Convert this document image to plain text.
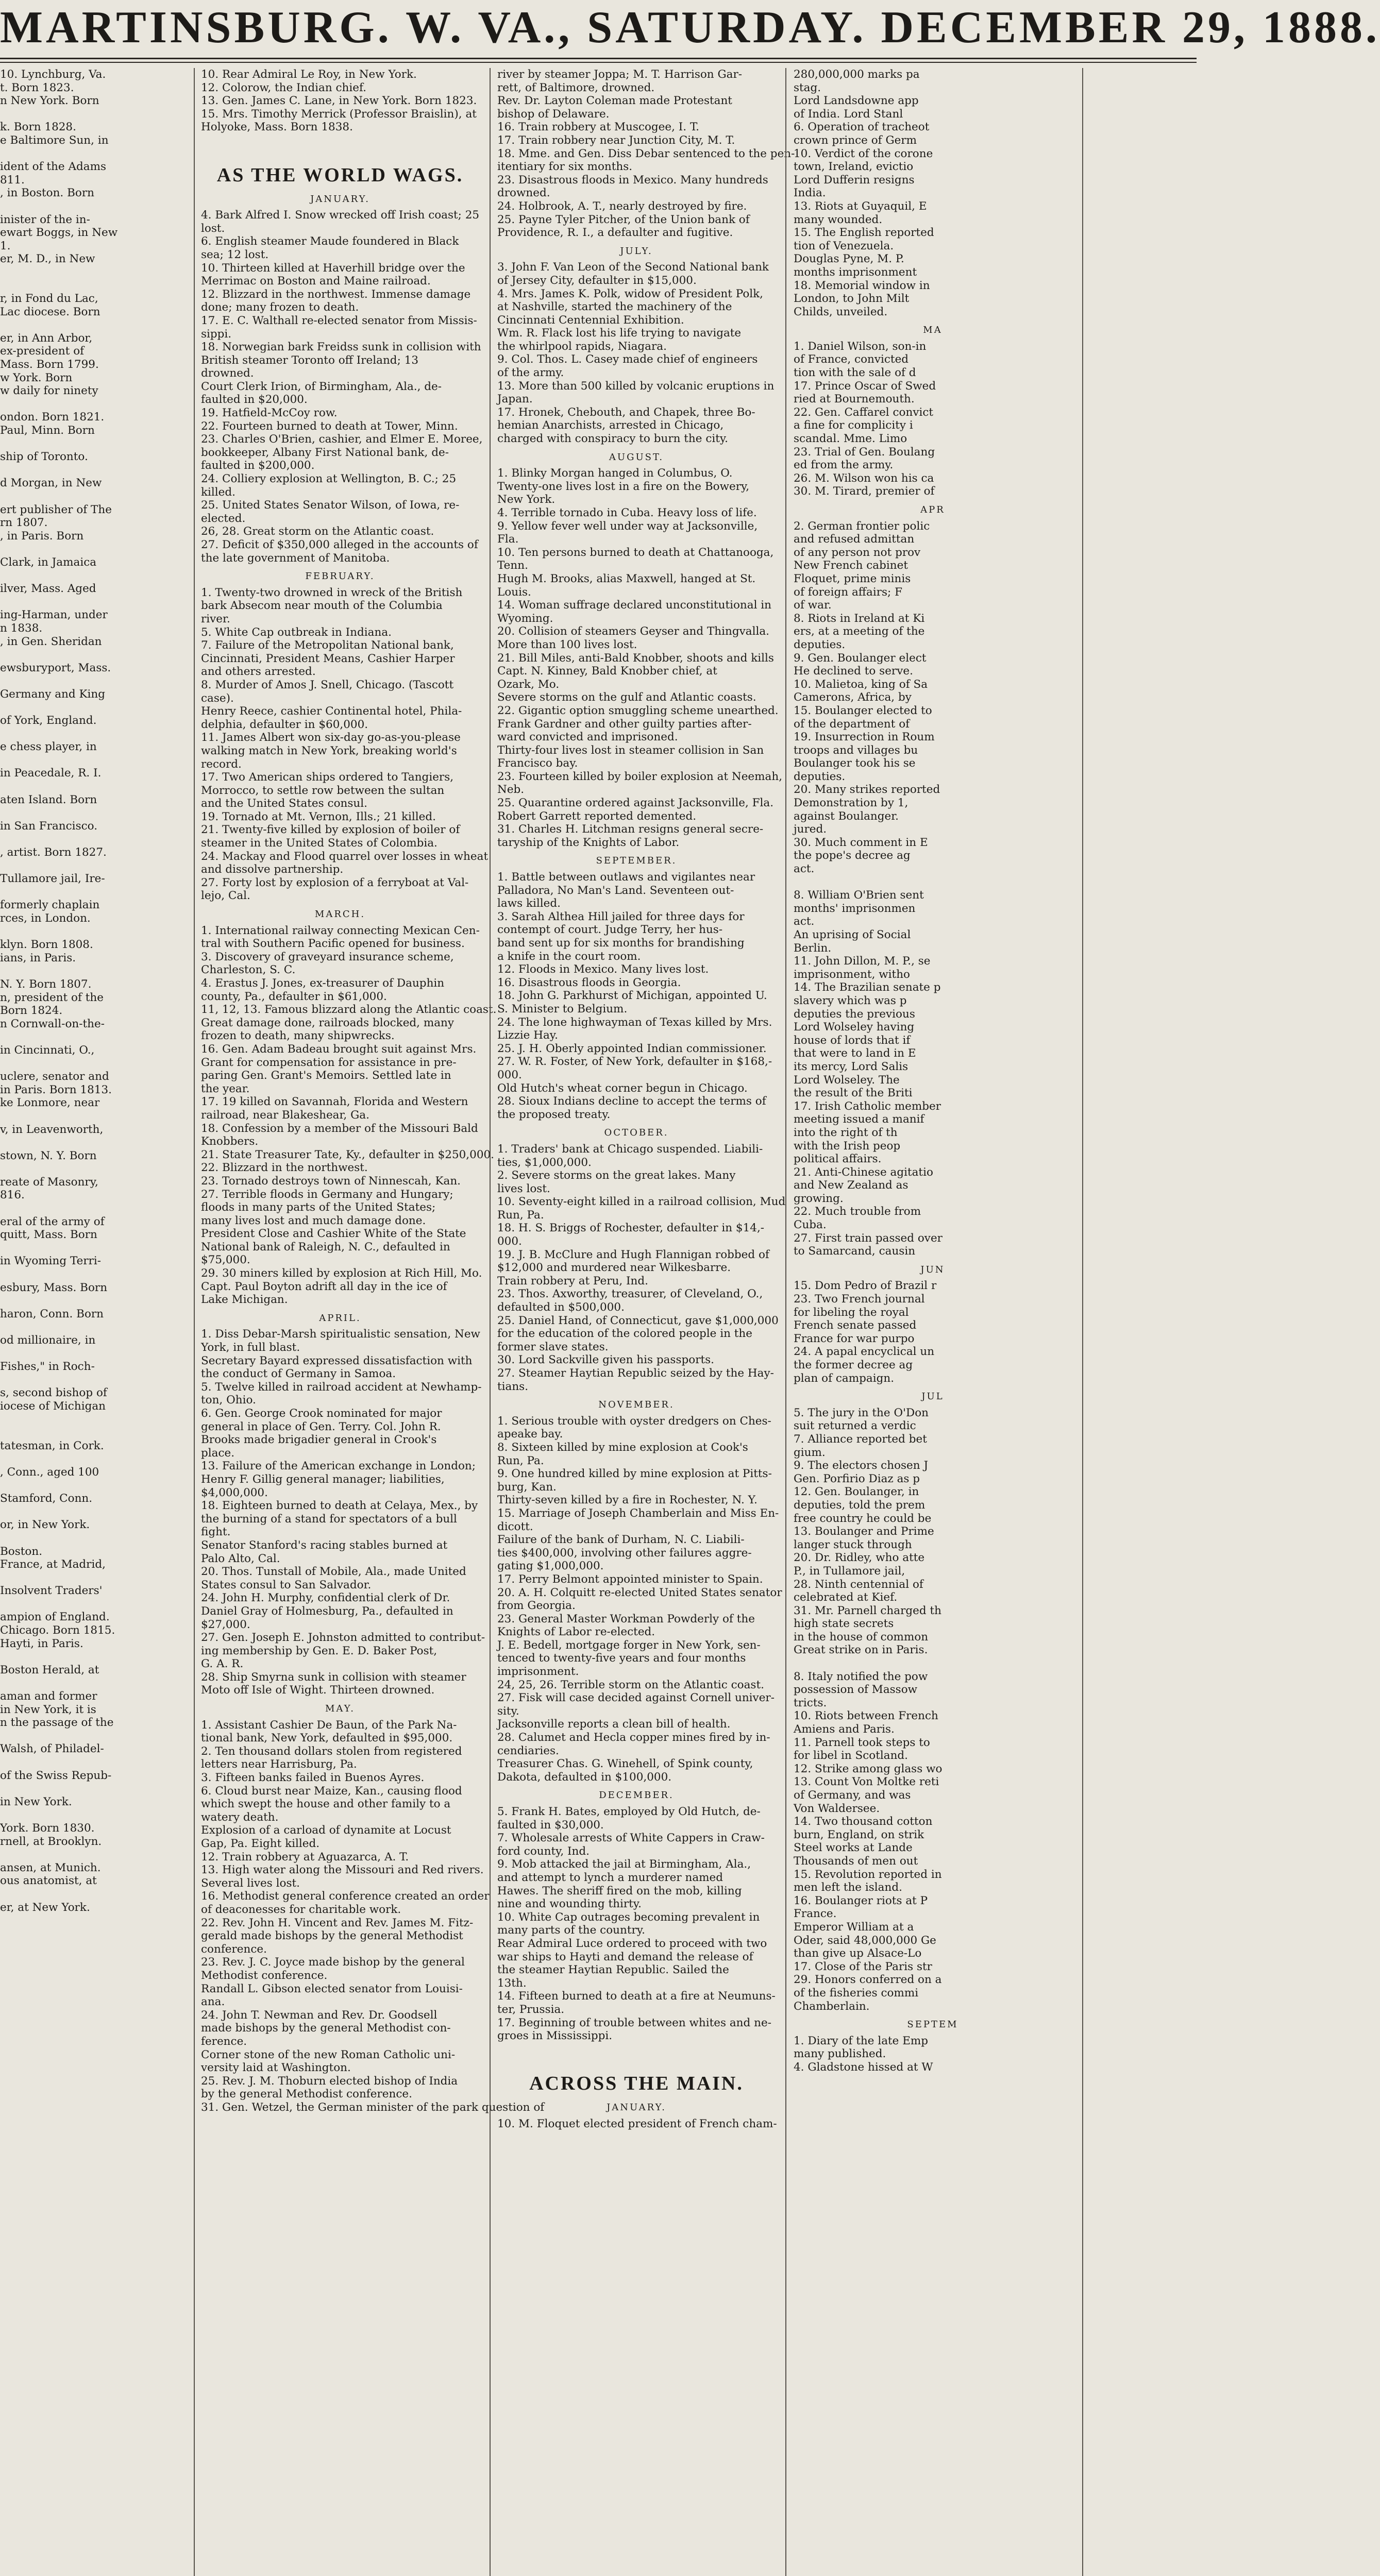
MARTINSBURG. W. VA., SATURDAY. DECEMBER 29, 1888.
10. Lynchburg, Va.
t. Born 1823.
n New York. Born

k. Born 1828.
e Baltimore Sun, in

ident of the Adams
811.
, in Boston. Born

inister of the in-
ewart Boggs, in New
1.
er, M. D., in New

r, in Fond du Lac,
Lac diocese. Born

er, in Ann Arbor,
ex-president of
Mass. Born 1799.
w York. Born
w daily for ninety

ondon. Born 1821.
Paul, Minn. Born

ship of Toronto.

d Morgan, in New

ert publisher of The
rn 1807.
, in Paris. Born

Clark, in Jamaica

ilver, Mass. Aged

ing-Harman, under
n 1838.
, in Gen. Sheridan

ewsburyport, Mass.

Germany and King

of York, England.

e chess player, in

in Peacedale, R. I.

aten Island. Born

in San Francisco.

, artist. Born 1827.

Tullamore jail, Ire-

formerly chaplain
rces, in London.

klyn. Born 1808.
ians, in Paris.

N. Y. Born 1807.
n, president of the
Born 1824.
n Cornwall-on-the-

in Cincinnati, O.,

uclere, senator and
in Paris. Born 1813.
ke Lonmore, near

v, in Leavenworth,

stown, N. Y. Born

reate of Masonry,
816.

eral of the army of
quitt, Mass. Born

in Wyoming Terri-

esbury, Mass. Born

haron, Conn. Born

od millionaire, in

Fishes," in Roch-

s, second bishop of
iocese of Michigan

tatesman, in Cork.

, Conn., aged 100

Stamford, Conn.

or, in New York.

Boston.
France, at Madrid,

Insolvent Traders'

ampion of England.
Chicago. Born 1815.
Hayti, in Paris.

Boston Herald, at

aman and former
in New York, it is
n the passage of the

Walsh, of Philadel-

of the Swiss Repub-

in New York.

York. Born 1830.
rnell, at Brooklyn.

ansen, at Munich.
ous anatomist, at

er, at New York.
10. Rear Admiral Le Roy, in New York.
12. Colorow, the Indian chief.
13. Gen. James C. Lane, in New York. Born 1823.
15. Mrs. Timothy Merrick (Professor Braislin), at
Holyoke, Mass. Born 1838.

AS THE WORLD WAGS.
JANUARY.
4. Bark Alfred I. Snow wrecked off Irish coast; 25
lost.
6. English steamer Maude foundered in Black
sea; 12 lost.
10. Thirteen killed at Haverhill bridge over the
Merrimac on Boston and Maine railroad.
12. Blizzard in the northwest. Immense damage
done; many frozen to death.
17. E. C. Walthall re-elected senator from Missis-
sippi.
18. Norwegian bark Freidss sunk in collision with
British steamer Toronto off Ireland; 13
drowned.
Court Clerk Irion, of Birmingham, Ala., de-
faulted in $20,000.
19. Hatfield-McCoy row.
22. Fourteen burned to death at Tower, Minn.
23. Charles O'Brien, cashier, and Elmer E. Moree,
bookkeeper, Albany First National bank, de-
faulted in $200,000.
24. Colliery explosion at Wellington, B. C.; 25
killed.
25. United States Senator Wilson, of Iowa, re-
elected.
26, 28. Great storm on the Atlantic coast.
27. Deficit of $350,000 alleged in the accounts of
the late government of Manitoba.
FEBRUARY.
1. Twenty-two drowned in wreck of the British
bark Absecom near mouth of the Columbia
river.
5. White Cap outbreak in Indiana.
7. Failure of the Metropolitan National bank,
Cincinnati, President Means, Cashier Harper
and others arrested.
8. Murder of Amos J. Snell, Chicago. (Tascott
case).
Henry Reece, cashier Continental hotel, Phila-
delphia, defaulter in $60,000.
11. James Albert won six-day go-as-you-please
walking match in New York, breaking world's
record.
17. Two American ships ordered to Tangiers,
Morrocco, to settle row between the sultan
and the United States consul.
19. Tornado at Mt. Vernon, Ills.; 21 killed.
21. Twenty-five killed by explosion of boiler of
steamer in the United States of Colombia.
24. Mackay and Flood quarrel over losses in wheat
and dissolve partnership.
27. Forty lost by explosion of a ferryboat at Val-
lejo, Cal.
MARCH.
1. International railway connecting Mexican Cen-
tral with Southern Pacific opened for business.
3. Discovery of graveyard insurance scheme,
Charleston, S. C.
4. Erastus J. Jones, ex-treasurer of Dauphin
county, Pa., defaulter in $61,000.
11, 12, 13. Famous blizzard along the Atlantic coast.
Great damage done, railroads blocked, many
frozen to death, many shipwrecks.
16. Gen. Adam Badeau brought suit against Mrs.
Grant for compensation for assistance in pre-
paring Gen. Grant's Memoirs. Settled late in
the year.
17. 19 killed on Savannah, Florida and Western
railroad, near Blakeshear, Ga.
18. Confession by a member of the Missouri Bald
Knobbers.
21. State Treasurer Tate, Ky., defaulter in $250,000.
22. Blizzard in the northwest.
23. Tornado destroys town of Ninnescah, Kan.
27. Terrible floods in Germany and Hungary;
floods in many parts of the United States;
many lives lost and much damage done.
President Close and Cashier White of the State
National bank of Raleigh, N. C., defaulted in
$75,000.
29. 30 miners killed by explosion at Rich Hill, Mo.
Capt. Paul Boyton adrift all day in the ice of
Lake Michigan.
APRIL.
1. Diss Debar-Marsh spiritualistic sensation, New
York, in full blast.
Secretary Bayard expressed dissatisfaction with
the conduct of Germany in Samoa.
5. Twelve killed in railroad accident at Newhamp-
ton, Ohio.
6. Gen. George Crook nominated for major
general in place of Gen. Terry. Col. John R.
Brooks made brigadier general in Crook's
place.
13. Failure of the American exchange in London;
Henry F. Gillig general manager; liabilities,
$4,000,000.
18. Eighteen burned to death at Celaya, Mex., by
the burning of a stand for spectators of a bull
fight.
Senator Stanford's racing stables burned at
Palo Alto, Cal.
20. Thos. Tunstall of Mobile, Ala., made United
States consul to San Salvador.
24. John H. Murphy, confidential clerk of Dr.
Daniel Gray of Holmesburg, Pa., defaulted in
$27,000.
27. Gen. Joseph E. Johnston admitted to contribut-
ing membership by Gen. E. D. Baker Post,
G. A. R.
28. Ship Smyrna sunk in collision with steamer
Moto off Isle of Wight. Thirteen drowned.
MAY.
1. Assistant Cashier De Baun, of the Park Na-
tional bank, New York, defaulted in $95,000.
2. Ten thousand dollars stolen from registered
letters near Harrisburg, Pa.
3. Fifteen banks failed in Buenos Ayres.
6. Cloud burst near Maize, Kan., causing flood
which swept the house and other family to a
watery death.
Explosion of a carload of dynamite at Locust
Gap, Pa. Eight killed.
12. Train robbery at Aguazarca, A. T.
13. High water along the Missouri and Red rivers.
Several lives lost.
16. Methodist general conference created an order
of deaconesses for charitable work.
22. Rev. John H. Vincent and Rev. James M. Fitz-
gerald made bishops by the general Methodist
conference.
23. Rev. J. C. Joyce made bishop by the general
Methodist conference.
Randall L. Gibson elected senator from Louisi-
ana.
24. John T. Newman and Rev. Dr. Goodsell
made bishops by the general Methodist con-
ference.
Corner stone of the new Roman Catholic uni-
versity laid at Washington.
25. Rev. J. M. Thoburn elected bishop of India
by the general Methodist conference.
31. Gen. Wetzel, the German minister of the park question of
river by steamer Joppa; M. T. Harrison Gar-
rett, of Baltimore, drowned.
Rev. Dr. Layton Coleman made Protestant
bishop of Delaware.
16. Train robbery at Muscogee, I. T.
17. Train robbery near Junction City, M. T.
18. Mme. and Gen. Diss Debar sentenced to the pen-
itentiary for six months.
23. Disastrous floods in Mexico. Many hundreds
drowned.
24. Holbrook, A. T., nearly destroyed by fire.
25. Payne Tyler Pitcher, of the Union bank of
Providence, R. I., a defaulter and fugitive.
JULY.
3. John F. Van Leon of the Second National bank
of Jersey City, defaulter in $15,000.
4. Mrs. James K. Polk, widow of President Polk,
at Nashville, started the machinery of the
Cincinnati Centennial Exhibition.
Wm. R. Flack lost his life trying to navigate
the whirlpool rapids, Niagara.
9. Col. Thos. L. Casey made chief of engineers
of the army.
13. More than 500 killed by volcanic eruptions in
Japan.
17. Hronek, Chebouth, and Chapek, three Bo-
hemian Anarchists, arrested in Chicago,
charged with conspiracy to burn the city.
AUGUST.
1. Blinky Morgan hanged in Columbus, O.
Twenty-one lives lost in a fire on the Bowery,
New York.
4. Terrible tornado in Cuba. Heavy loss of life.
9. Yellow fever well under way at Jacksonville,
Fla.
10. Ten persons burned to death at Chattanooga,
Tenn.
Hugh M. Brooks, alias Maxwell, hanged at St.
Louis.
14. Woman suffrage declared unconstitutional in
Wyoming.
20. Collision of steamers Geyser and Thingvalla.
More than 100 lives lost.
21. Bill Miles, anti-Bald Knobber, shoots and kills
Capt. N. Kinney, Bald Knobber chief, at
Ozark, Mo.
Severe storms on the gulf and Atlantic coasts.
22. Gigantic option smuggling scheme unearthed.
Frank Gardner and other guilty parties after-
ward convicted and imprisoned.
Thirty-four lives lost in steamer collision in San
Francisco bay.
23. Fourteen killed by boiler explosion at Neemah,
Neb.
25. Quarantine ordered against Jacksonville, Fla.
Robert Garrett reported demented.
31. Charles H. Litchman resigns general secre-
taryship of the Knights of Labor.
SEPTEMBER.
1. Battle between outlaws and vigilantes near
Palladora, No Man's Land. Seventeen out-
laws killed.
3. Sarah Althea Hill jailed for three days for
contempt of court. Judge Terry, her hus-
band sent up for six months for brandishing
a knife in the court room.
12. Floods in Mexico. Many lives lost.
16. Disastrous floods in Georgia.
18. John G. Parkhurst of Michigan, appointed U.
S. Minister to Belgium.
24. The lone highwayman of Texas killed by Mrs.
Lizzie Hay.
25. J. H. Oberly appointed Indian commissioner.
27. W. R. Foster, of New York, defaulter in $168,-
000.
Old Hutch's wheat corner begun in Chicago.
28. Sioux Indians decline to accept the terms of
the proposed treaty.
OCTOBER.
1. Traders' bank at Chicago suspended. Liabili-
ties, $1,000,000.
2. Severe storms on the great lakes. Many
lives lost.
10. Seventy-eight killed in a railroad collision, Mud
Run, Pa.
18. H. S. Briggs of Rochester, defaulter in $14,-
000.
19. J. B. McClure and Hugh Flannigan robbed of
$12,000 and murdered near Wilkesbarre.
Train robbery at Peru, Ind.
23. Thos. Axworthy, treasurer, of Cleveland, O.,
defaulted in $500,000.
25. Daniel Hand, of Connecticut, gave $1,000,000
for the education of the colored people in the
former slave states.
30. Lord Sackville given his passports.
27. Steamer Haytian Republic seized by the Hay-
tians.
NOVEMBER.
1. Serious trouble with oyster dredgers on Ches-
apeake bay.
8. Sixteen killed by mine explosion at Cook's
Run, Pa.
9. One hundred killed by mine explosion at Pitts-
burg, Kan.
Thirty-seven killed by a fire in Rochester, N. Y.
15. Marriage of Joseph Chamberlain and Miss En-
dicott.
Failure of the bank of Durham, N. C. Liabili-
ties $400,000, involving other failures aggre-
gating $1,000,000.
17. Perry Belmont appointed minister to Spain.
20. A. H. Colquitt re-elected United States senator
from Georgia.
23. General Master Workman Powderly of the
Knights of Labor re-elected.
J. E. Bedell, mortgage forger in New York, sen-
tenced to twenty-five years and four months
imprisonment.
24, 25, 26. Terrible storm on the Atlantic coast.
27. Fisk will case decided against Cornell univer-
sity.
Jacksonville reports a clean bill of health.
28. Calumet and Hecla copper mines fired by in-
cendiaries.
Treasurer Chas. G. Winehell, of Spink county,
Dakota, defaulted in $100,000.
DECEMBER.
5. Frank H. Bates, employed by Old Hutch, de-
faulted in $30,000.
7. Wholesale arrests of White Cappers in Craw-
ford county, Ind.
9. Mob attacked the jail at Birmingham, Ala.,
and attempt to lynch a murderer named
Hawes. The sheriff fired on the mob, killing
nine and wounding thirty.
10. White Cap outrages becoming prevalent in
many parts of the country.
Rear Admiral Luce ordered to proceed with two
war ships to Hayti and demand the release of
the steamer Haytian Republic. Sailed the
13th.
14. Fifteen burned to death at a fire at Neumuns-
ter, Prussia.
17. Beginning of trouble between whites and ne-
groes in Mississippi.

ACROSS THE MAIN.
JANUARY.
10. M. Floquet elected president of French cham-
280,000,000 marks pa
stag.
Lord Landsdowne app
of India. Lord Stanl
6. Operation of tracheot
crown prince of Germ
10. Verdict of the corone
town, Ireland, evictio
Lord Dufferin resigns
India.
13. Riots at Guyaquil, E
many wounded.
15. The English reported
tion of Venezuela.
Douglas Pyne, M. P.
months imprisonment
18. Memorial window in
London, to John Milt
Childs, unveiled.
MA
1. Daniel Wilson, son-in
of France, convicted
tion with the sale of d
17. Prince Oscar of Swed
ried at Bournemouth.
22. Gen. Caffarel convict
a fine for complicity i
scandal. Mme. Limo
23. Trial of Gen. Boulang
ed from the army.
26. M. Wilson won his ca
30. M. Tirard, premier of
APR
2. German frontier polic
and refused admittan
of any person not prov
New French cabinet
Floquet, prime minis
of foreign affairs; F
of war.
8. Riots in Ireland at Ki
ers, at a meeting of the
deputies.
9. Gen. Boulanger elect
He declined to serve.
10. Malietoa, king of Sa
Camerons, Africa, by
15. Boulanger elected to
of the department of
19. Insurrection in Roum
troops and villages bu
Boulanger took his se
deputies.
20. Many strikes reported
Demonstration by 1,
against Boulanger.
jured.
30. Much comment in E
the pope's decree ag
act.

8. William O'Brien sent
months' imprisonmen
act.
An uprising of Social
Berlin.
11. John Dillon, M. P., se
imprisonment, witho
14. The Brazilian senate p
slavery which was p
deputies the previous
Lord Wolseley having
house of lords that if
that were to land in E
its mercy, Lord Salis
Lord Wolseley. The
the result of the Briti
17. Irish Catholic member
meeting issued a manif
into the right of th
with the Irish peop
political affairs.
21. Anti-Chinese agitatio
and New Zealand as
growing.
22. Much trouble from
Cuba.
27. First train passed over
to Samarcand, causin
JUN
15. Dom Pedro of Brazil r
23. Two French journal
for libeling the royal
French senate passed
France for war purpo
24. A papal encyclical un
the former decree ag
plan of campaign.
JUL
5. The jury in the O'Don
suit returned a verdic
7. Alliance reported bet
gium.
9. The electors chosen J
Gen. Porfirio Diaz as p
12. Gen. Boulanger, in
deputies, told the prem
free country he could be
13. Boulanger and Prime
langer stuck through
20. Dr. Ridley, who atte
P., in Tullamore jail,
28. Ninth centennial of
celebrated at Kief.
31. Mr. Parnell charged th
high state secrets
in the house of common
Great strike on in Paris.

8. Italy notified the pow
possession of Massow
tricts.
10. Riots between French
Amiens and Paris.
11. Parnell took steps to
for libel in Scotland.
12. Strike among glass wo
13. Count Von Moltke reti
of Germany, and was
Von Waldersee.
14. Two thousand cotton
burn, England, on strik
Steel works at Lande
Thousands of men out
15. Revolution reported in
men left the island.
16. Boulanger riots at P
France.
Emperor William at a
Oder, said 48,000,000 Ge
than give up Alsace-Lo
17. Close of the Paris str
29. Honors conferred on a
of the fisheries commi
Chamberlain.
SEPTEM
1. Diary of the late Emp
many published.
4. Gladstone hissed at W
